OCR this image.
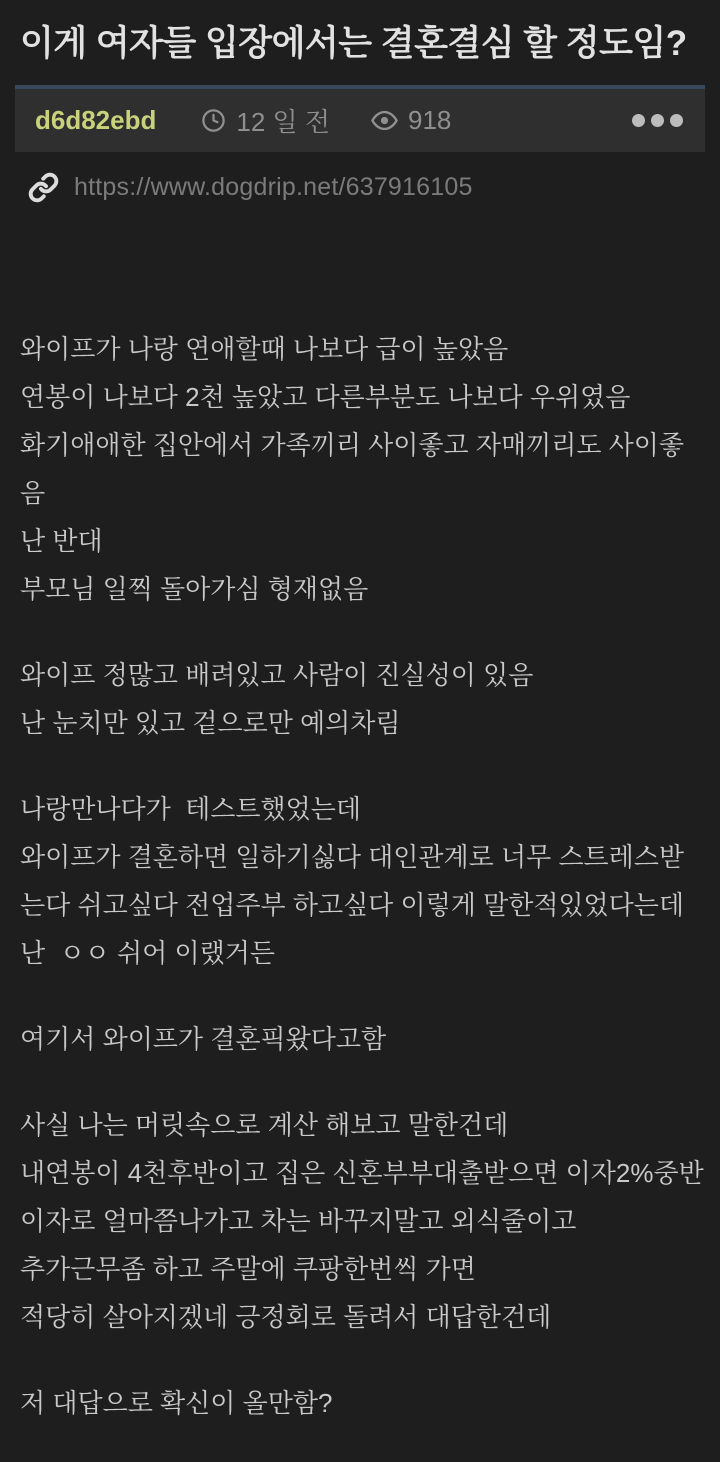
이게 여자들 입장에서는 결혼결심 할 정도임?
d6d82ebd	12 일 전	918
https://www.dogdrip.net/637916105
와이프가 나랑 연애할때 나보다 급이 높았음
연봉이 나보다 2천 높았고 다른부분도 나보다 우위였음
화기애애한 집안에서 가족끼리 사이좋고 자매끼리도 사이좋음
난 반대
부모님 일찍 돌아가심 형재없음
와이프 정많고 배려있고 사람이 진실성이 있음
난 눈치만 있고 겉으로만 예의차림
나랑만나다가  테스트했었는데
와이프가 결혼하면 일하기싫다 대인관계로 너무 스트레스받는다 쉬고싶다 전업주부 하고싶다 이렇게 말한적있었다는데
난  ㅇㅇ 쉬어 이랬거든
여기서 와이프가 결혼픽왔다고함
사실 나는 머릿속으로 계산 해보고 말한건데
내연봉이 4천후반이고 집은 신혼부부대출받으면 이자2%중반
이자로 얼마쯤나가고 차는 바꾸지말고 외식줄이고
추가근무좀 하고 주말에 쿠팡한번씩 가면
적당히 살아지겠네 긍정회로 돌려서 대답한건데
저 대답으로 확신이 올만함?
